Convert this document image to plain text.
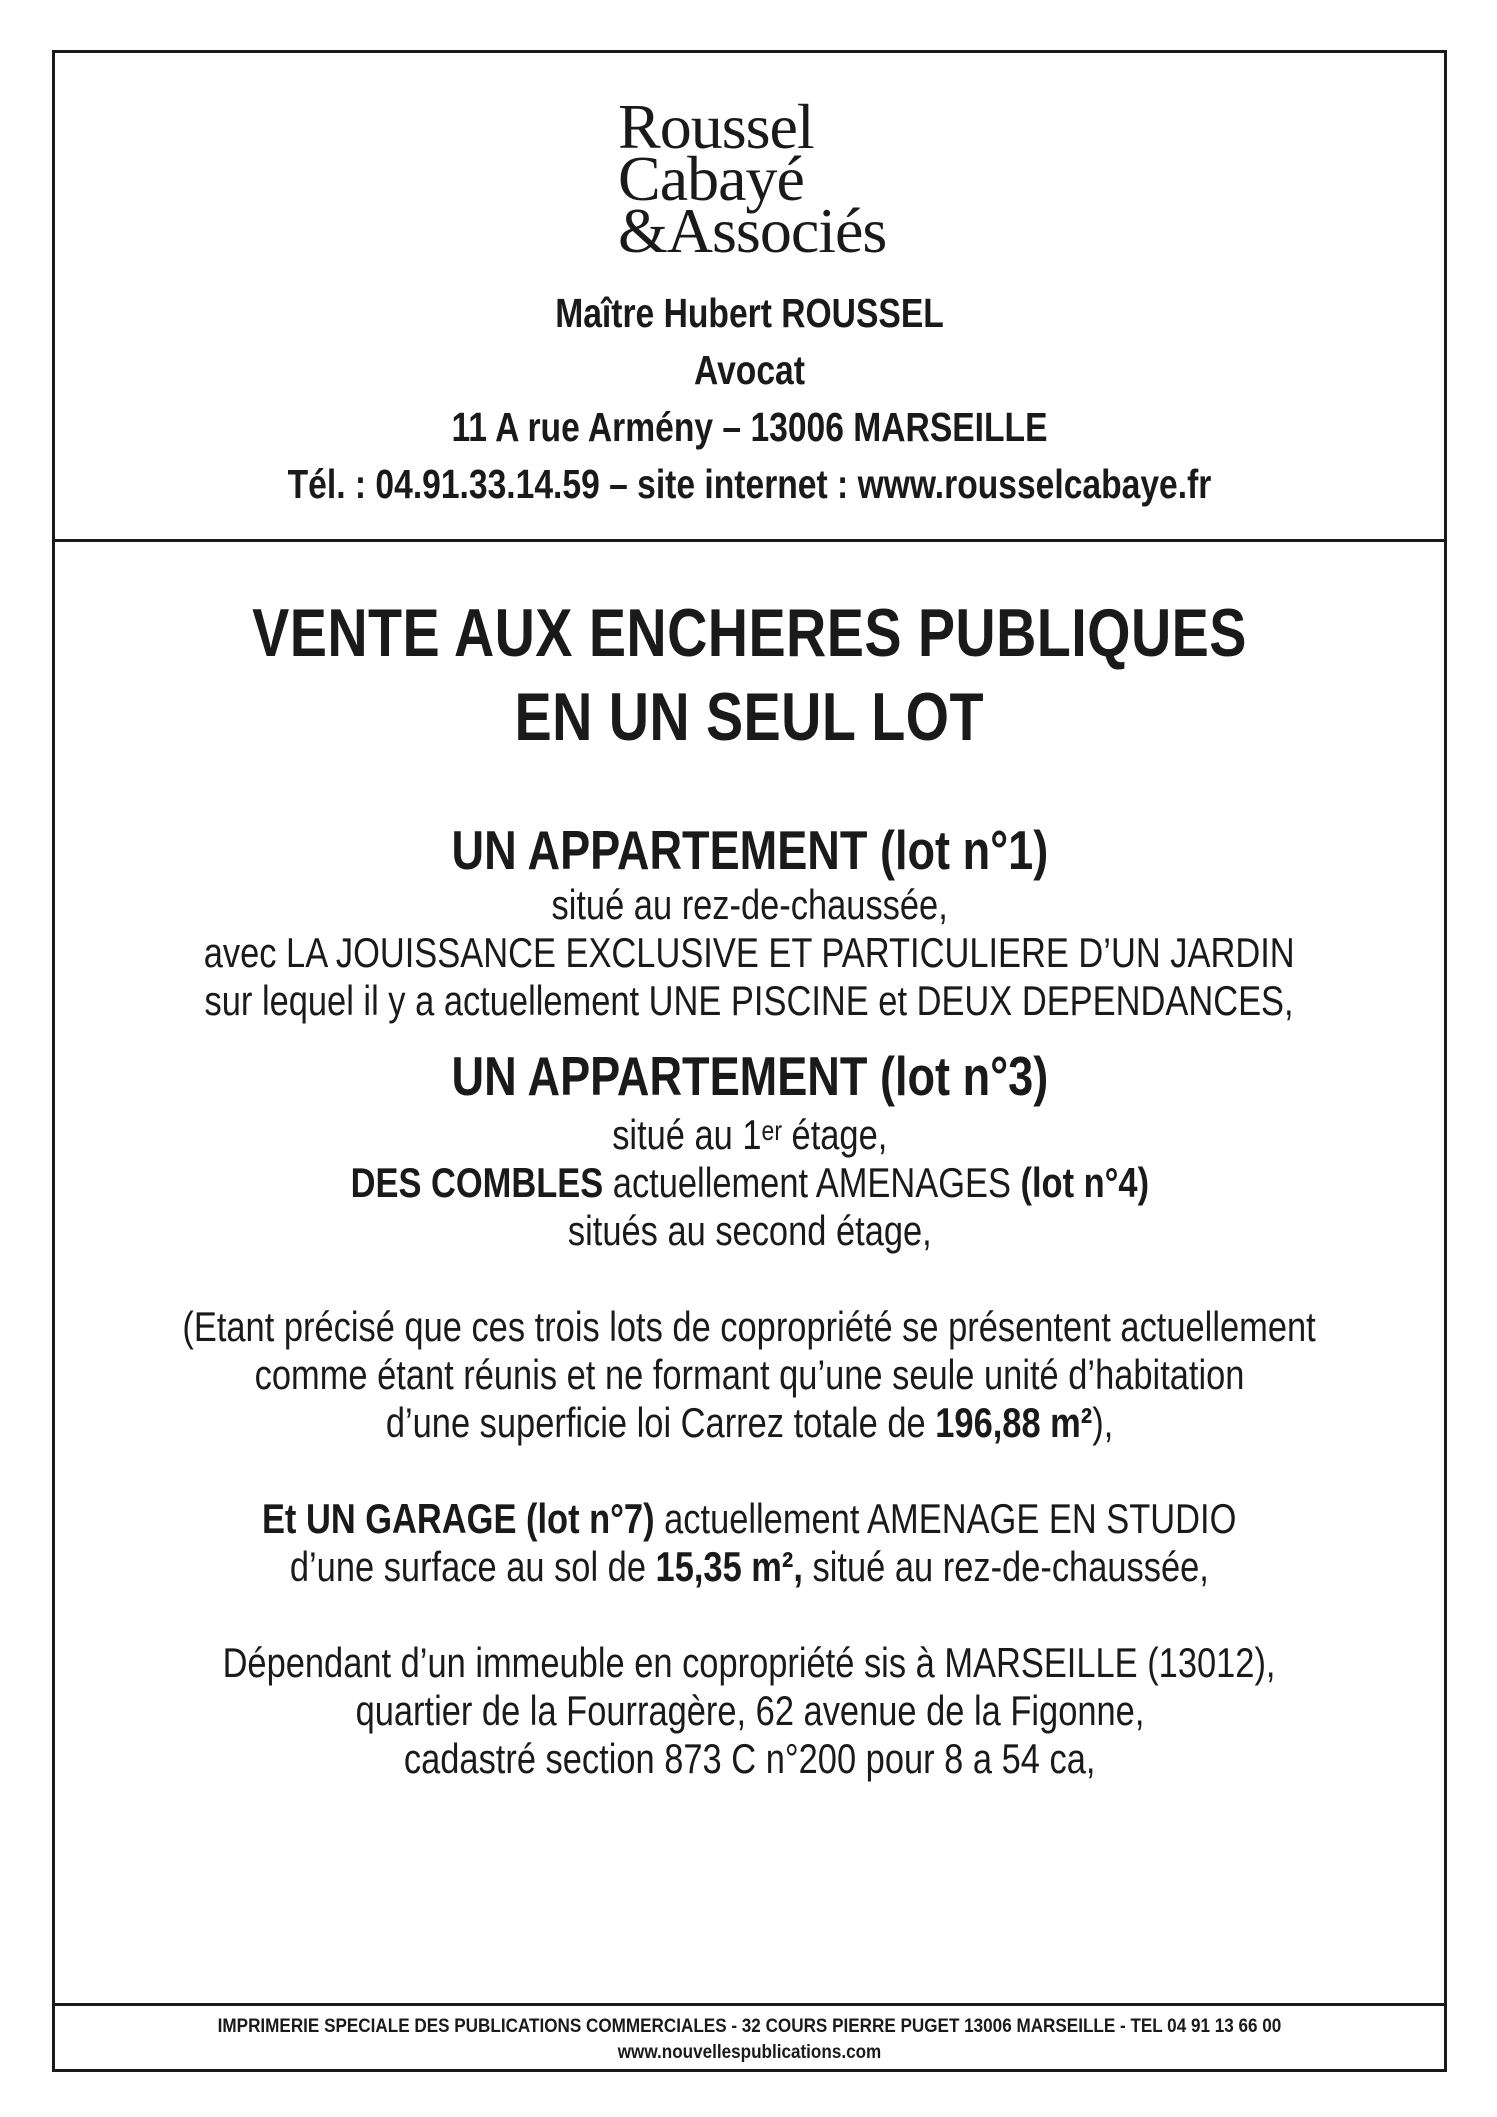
Roussel
Cabayé
&Associés
Maître Hubert ROUSSEL
Avocat
11 A rue Armény – 13006 MARSEILLE
Tél. : 04.91.33.14.59 – site internet : www.rousselcabaye.fr
VENTE AUX ENCHERES PUBLIQUES
EN UN SEUL LOT
UN APPARTEMENT (lot n°1)
situé au rez-de-chaussée,
avec LA JOUISSANCE EXCLUSIVE ET PARTICULIERE D’UN JARDIN
sur lequel il y a actuellement UNE PISCINE et DEUX DEPENDANCES,
UN APPARTEMENT (lot n°3)
situé au 1er étage,
DES COMBLES actuellement AMENAGES (lot n°4)
situés au second étage,
(Etant précisé que ces trois lots de copropriété se présentent actuellement
comme étant réunis et ne formant qu’une seule unité d’habitation
d’une superficie loi Carrez totale de 196,88 m²),
Et UN GARAGE (lot n°7) actuellement AMENAGE EN STUDIO
d’une surface au sol de 15,35 m², situé au rez-de-chaussée,
Dépendant d’un immeuble en copropriété sis à MARSEILLE (13012),
quartier de la Fourragère, 62 avenue de la Figonne,
cadastré section 873 C n°200 pour 8 a 54 ca,
IMPRIMERIE SPECIALE DES PUBLICATIONS COMMERCIALES - 32 COURS PIERRE PUGET 13006 MARSEILLE - TEL 04 91 13 66 00
www.nouvellespublications.com
